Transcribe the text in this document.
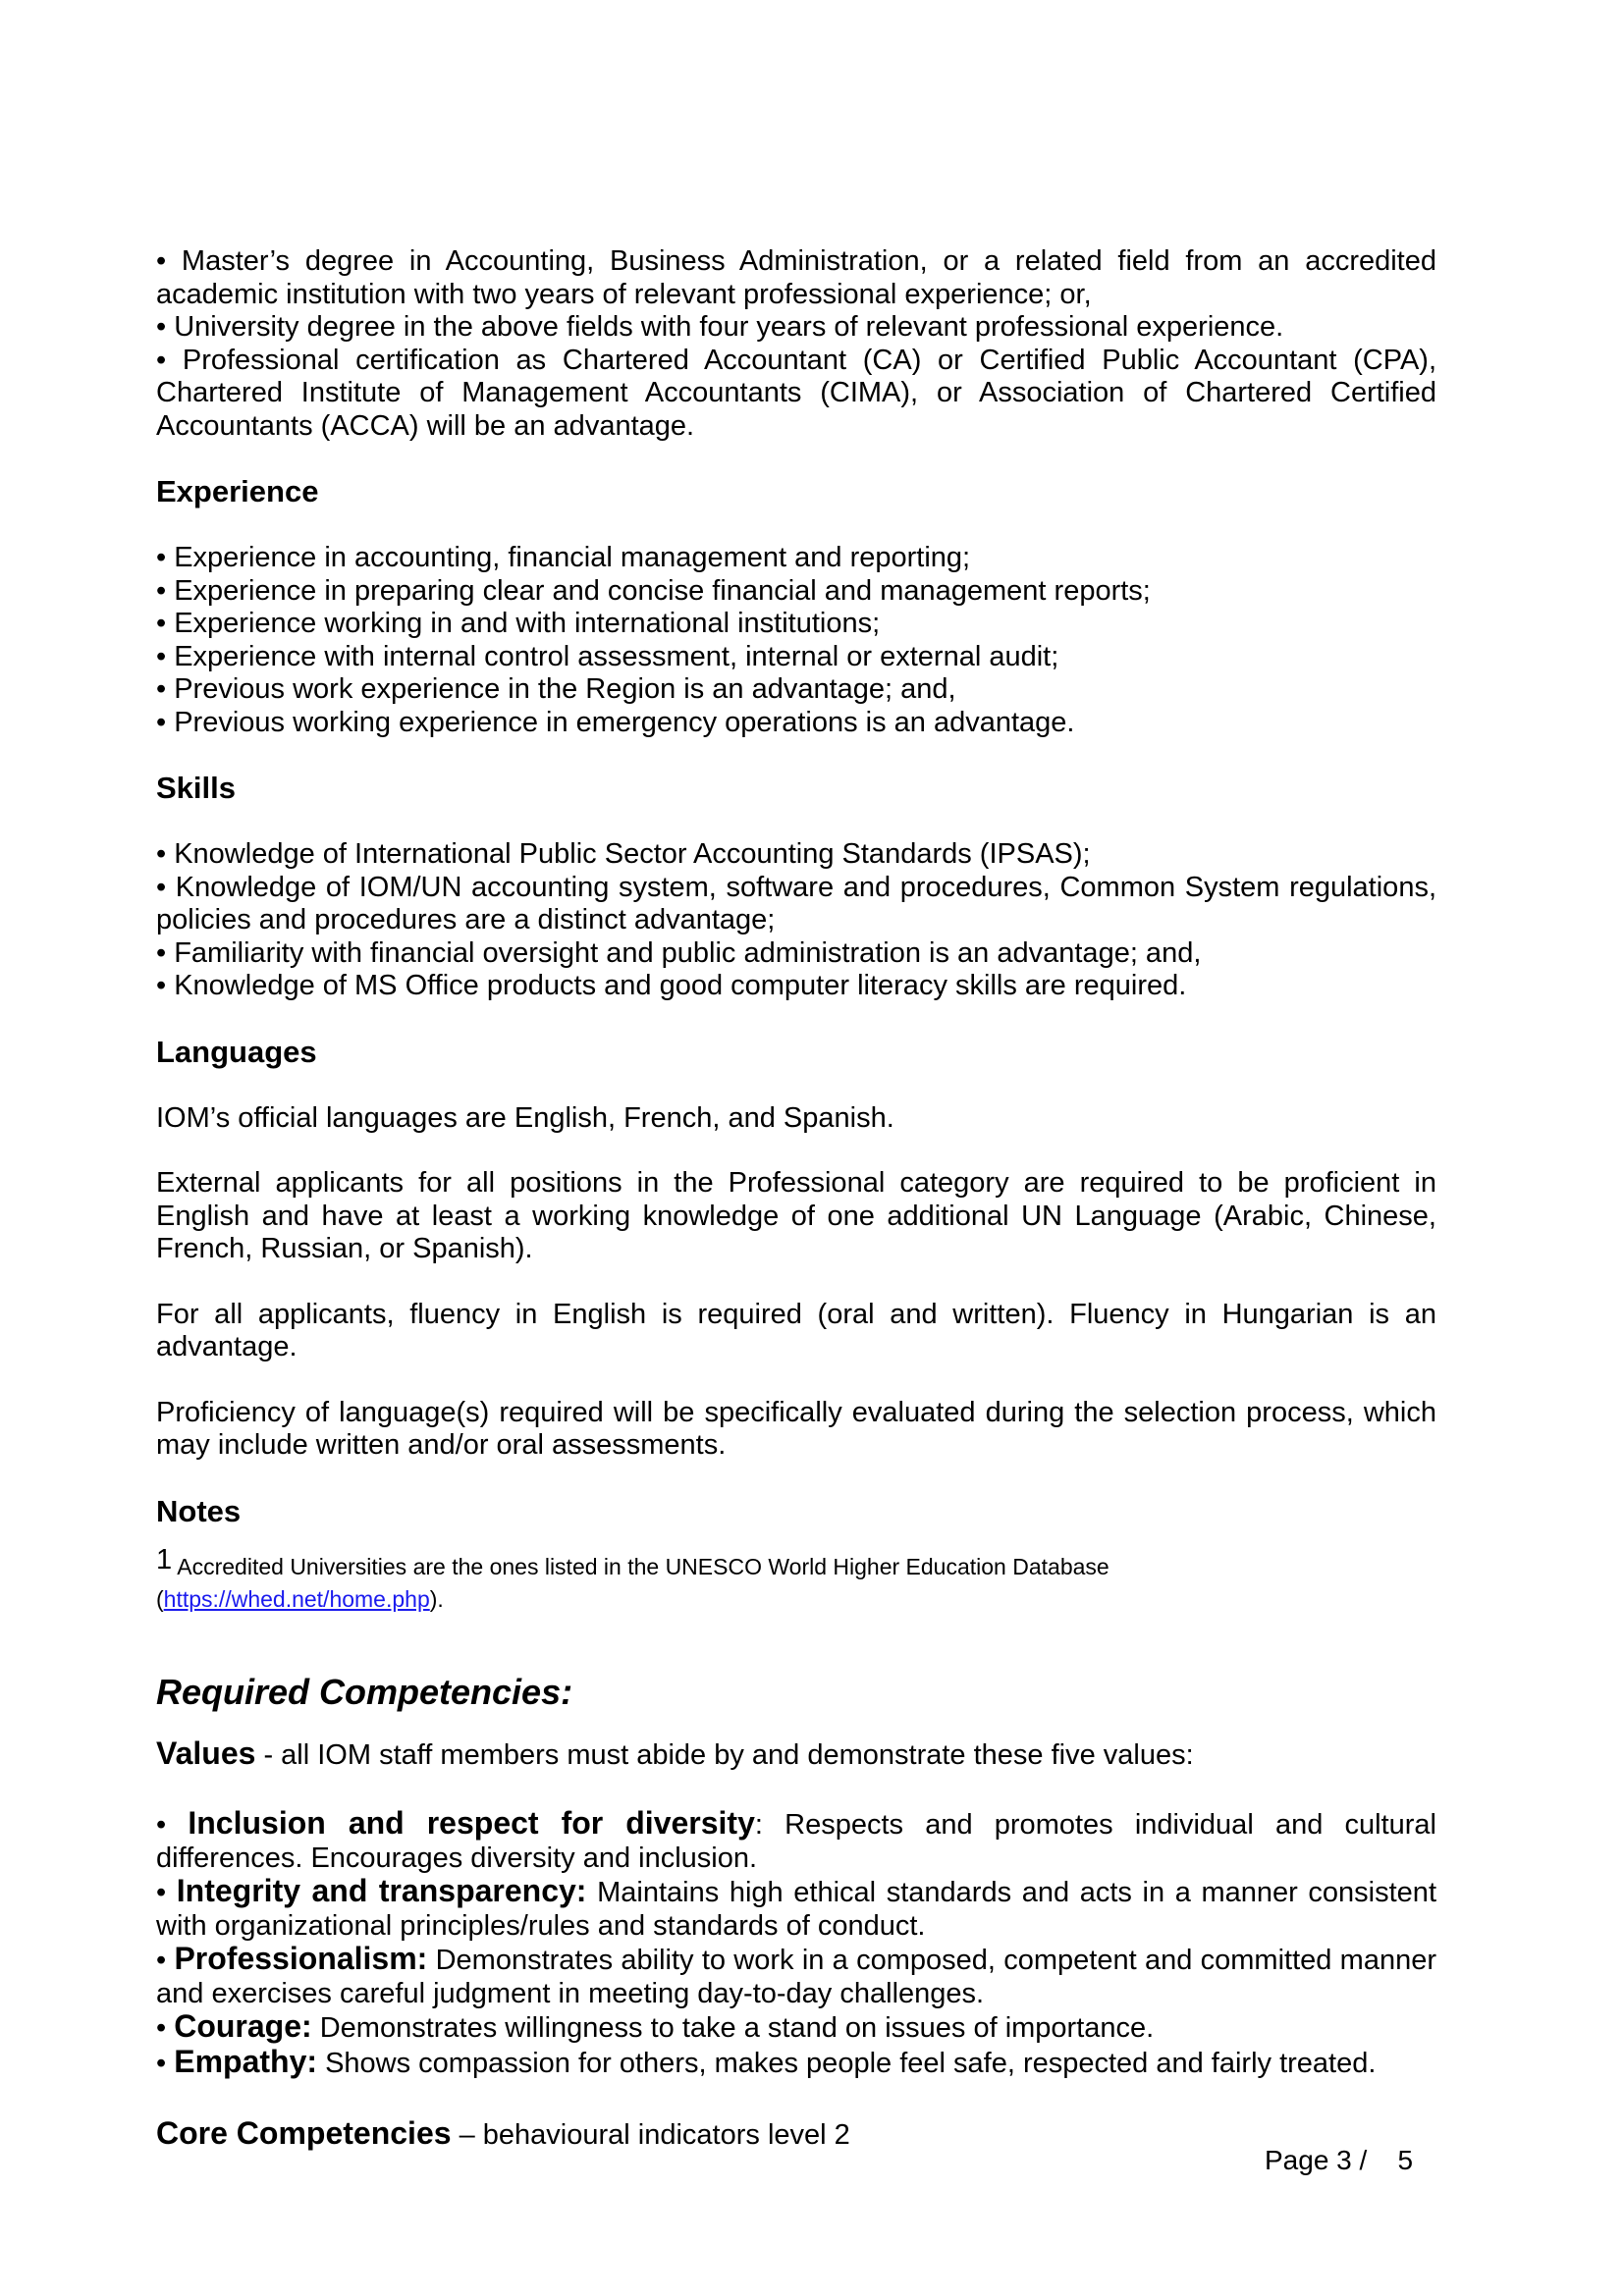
• Master’s degree in Accounting, Business Administration, or a related field from an accredited academic institution with two years of relevant professional experience; or,

• University degree in the above fields with four years of relevant professional experience.

• Professional certification as Chartered Accountant (CA) or Certified Public Accountant (CPA), Chartered Institute of Management Accountants (CIMA), or Association of Chartered Certified Accountants (ACCA) will be an advantage.

Experience

• Experience in accounting, financial management and reporting;

• Experience in preparing clear and concise financial and management reports;

• Experience working in and with international institutions;

• Experience with internal control assessment, internal or external audit;

• Previous work experience in the Region is an advantage; and,

• Previous working experience in emergency operations is an advantage.

Skills

• Knowledge of International Public Sector Accounting Standards (IPSAS);

• Knowledge of IOM/UN accounting system, software and procedures, Common System regulations, policies and procedures are a distinct advantage;

• Familiarity with financial oversight and public administration is an advantage; and,

• Knowledge of MS Office products and good computer literacy skills are required.

Languages

IOM’s official languages are English, French, and Spanish.

External applicants for all positions in the Professional category are required to be proficient in English and have at least a working knowledge of one additional UN Language (Arabic, Chinese, French, Russian, or Spanish).

For all applicants, fluency in English is required (oral and written). Fluency in Hungarian is an advantage.

Proficiency of language(s) required will be specifically evaluated during the selection process, which may include written and/or oral assessments.

Notes

$^1$ Accredited Universities are the ones listed in the UNESCO World Higher Education Database
(https://whed.net/home.php).

Required Competencies:

Values - all IOM staff members must abide by and demonstrate these five values:

• Inclusion and respect for diversity: Respects and promotes individual and cultural differences. Encourages diversity and inclusion.

• Integrity and transparency: Maintains high ethical standards and acts in a manner consistent with organizational principles/rules and standards of conduct.

• Professionalism: Demonstrates ability to work in a composed, competent and committed manner and exercises careful judgment in meeting day-to-day challenges.

• Courage: Demonstrates willingness to take a stand on issues of importance.

• Empathy: Shows compassion for others, makes people feel safe, respected and fairly treated.

Core Competencies – behavioural indicators level 2

Page 3 / 5
